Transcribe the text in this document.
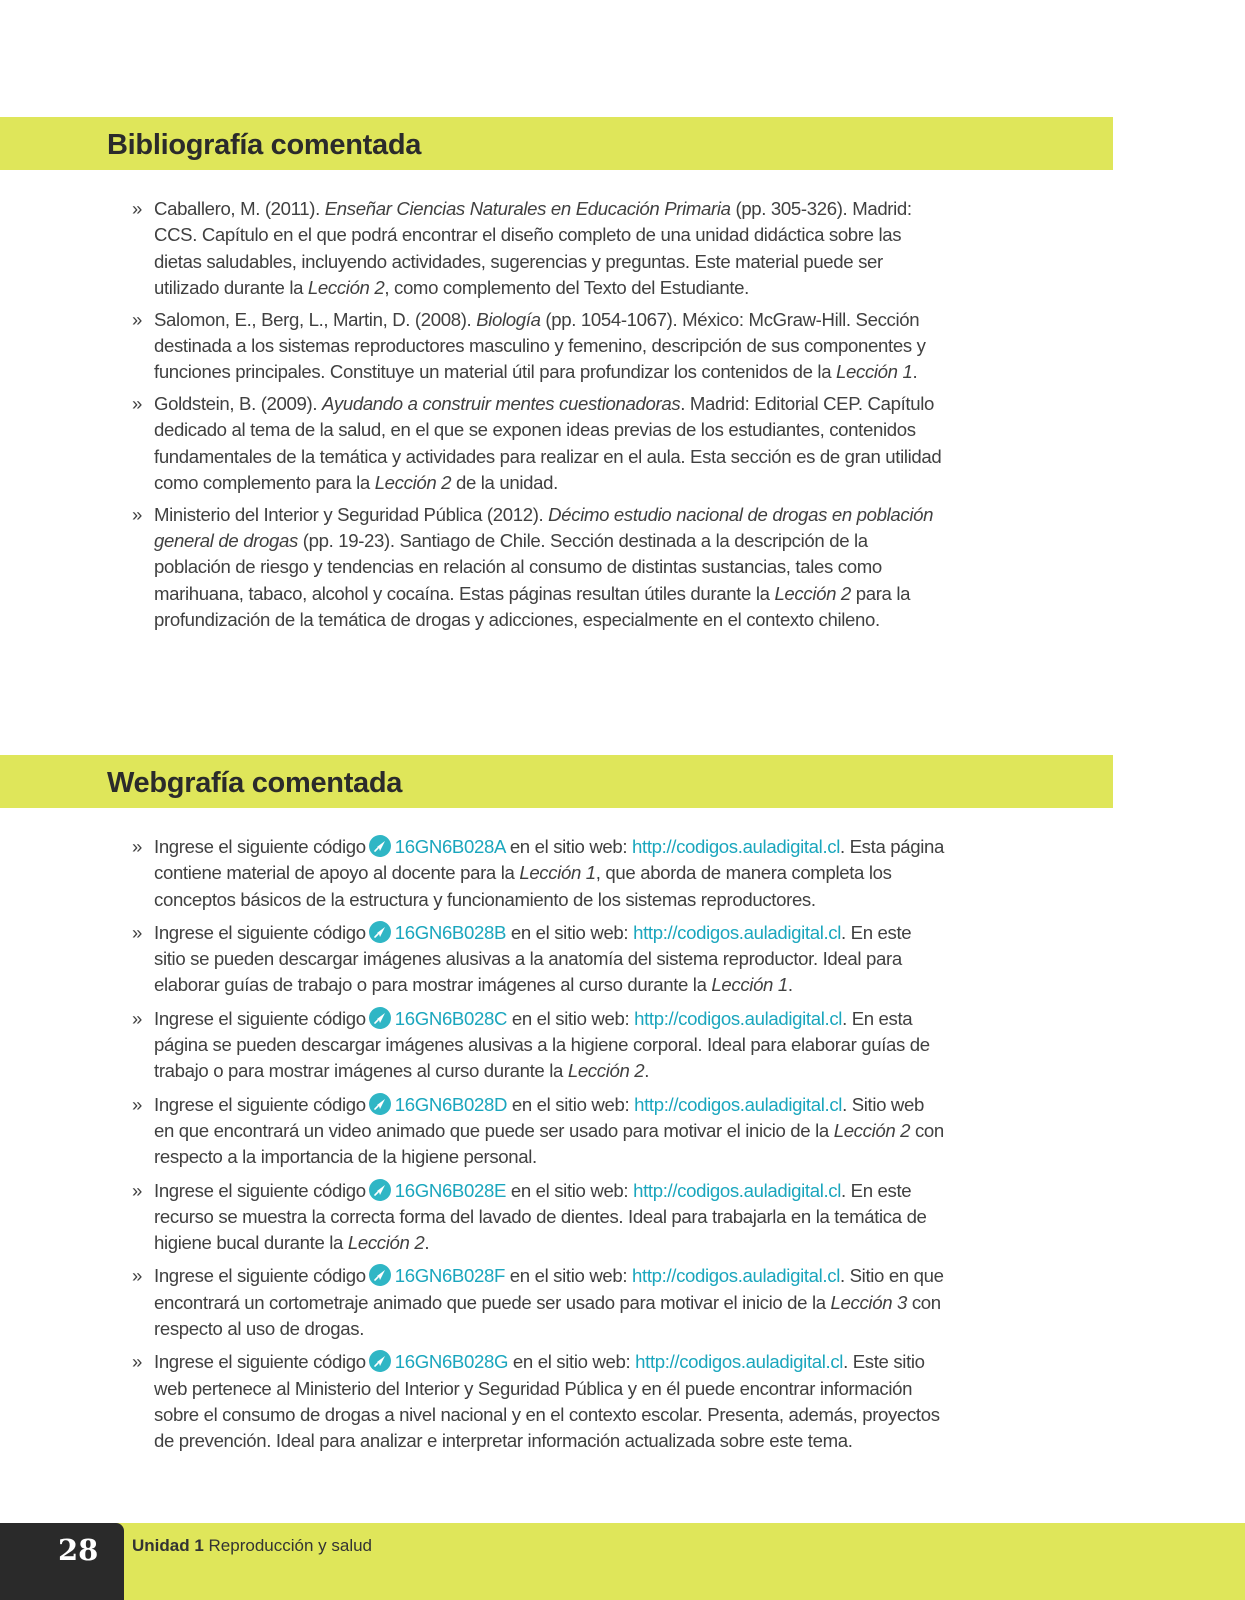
Bibliografía comentada
» Caballero, M. (2011). Enseñar Ciencias Naturales en Educación Primaria (pp. 305-326). Madrid: CCS. Capítulo en el que podrá encontrar el diseño completo de una unidad didáctica sobre las dietas saludables, incluyendo actividades, sugerencias y preguntas. Este material puede ser utilizado durante la Lección 2, como complemento del Texto del Estudiante.
» Salomon, E., Berg, L., Martin, D. (2008). Biología (pp. 1054-1067). México: McGraw-Hill. Sección destinada a los sistemas reproductores masculino y femenino, descripción de sus componentes y funciones principales. Constituye un material útil para profundizar los contenidos de la Lección 1.
» Goldstein, B. (2009). Ayudando a construir mentes cuestionadoras. Madrid: Editorial CEP. Capítulo dedicado al tema de la salud, en el que se exponen ideas previas de los estudiantes, contenidos fundamentales de la temática y actividades para realizar en el aula. Esta sección es de gran utilidad como complemento para la Lección 2 de la unidad.
» Ministerio del Interior y Seguridad Pública (2012). Décimo estudio nacional de drogas en población general de drogas (pp. 19-23). Santiago de Chile. Sección destinada a la descripción de la población de riesgo y tendencias en relación al consumo de distintas sustancias, tales como marihuana, tabaco, alcohol y cocaína. Estas páginas resultan útiles durante la Lección 2 para la profundización de la temática de drogas y adicciones, especialmente en el contexto chileno.
Webgrafía comentada
» Ingrese el siguiente código 16GN6B028A en el sitio web: http://codigos.auladigital.cl. Esta página contiene material de apoyo al docente para la Lección 1, que aborda de manera completa los conceptos básicos de la estructura y funcionamiento de los sistemas reproductores.
» Ingrese el siguiente código 16GN6B028B en el sitio web: http://codigos.auladigital.cl. En este sitio se pueden descargar imágenes alusivas a la anatomía del sistema reproductor. Ideal para elaborar guías de trabajo o para mostrar imágenes al curso durante la Lección 1.
» Ingrese el siguiente código 16GN6B028C en el sitio web: http://codigos.auladigital.cl. En esta página se pueden descargar imágenes alusivas a la higiene corporal. Ideal para elaborar guías de trabajo o para mostrar imágenes al curso durante la Lección 2.
» Ingrese el siguiente código 16GN6B028D en el sitio web: http://codigos.auladigital.cl. Sitio web en que encontrará un video animado que puede ser usado para motivar el inicio de la Lección 2 con respecto a la importancia de la higiene personal.
» Ingrese el siguiente código 16GN6B028E en el sitio web: http://codigos.auladigital.cl. En este recurso se muestra la correcta forma del lavado de dientes. Ideal para trabajarla en la temática de higiene bucal durante la Lección 2.
» Ingrese el siguiente código 16GN6B028F en el sitio web: http://codigos.auladigital.cl. Sitio en que encontrará un cortometraje animado que puede ser usado para motivar el inicio de la Lección 3 con respecto al uso de drogas.
» Ingrese el siguiente código 16GN6B028G en el sitio web: http://codigos.auladigital.cl. Este sitio web pertenece al Ministerio del Interior y Seguridad Pública y en él puede encontrar información sobre el consumo de drogas a nivel nacional y en el contexto escolar. Presenta, además, proyectos de prevención. Ideal para analizar e interpretar información actualizada sobre este tema.
28 Unidad 1 Reproducción y salud
